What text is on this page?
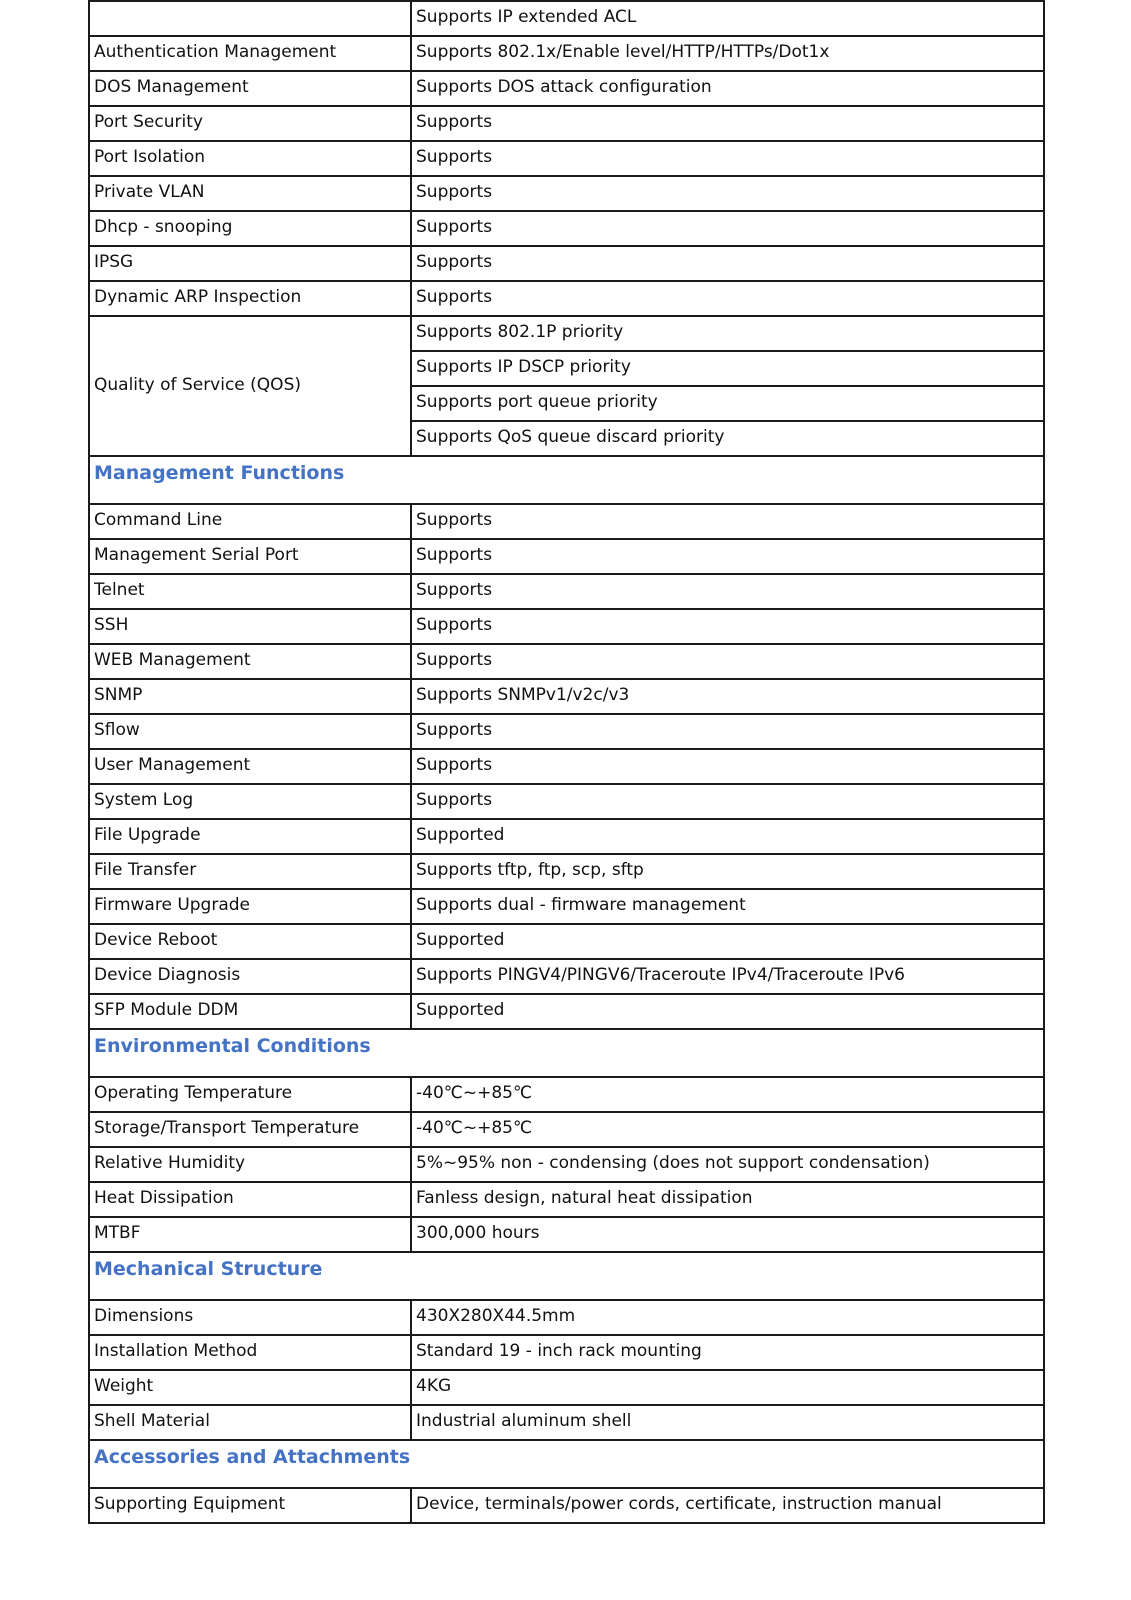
	Supports IP extended ACL
Authentication Management	Supports 802.1x/Enable level/HTTP/HTTPs/Dot1x
DOS Management	Supports DOS attack configuration
Port Security	Supports
Port Isolation	Supports
Private VLAN	Supports
Dhcp - snooping	Supports
IPSG	Supports
Dynamic ARP Inspection	Supports
Quality of Service (QOS)	Supports 802.1P priority
	Supports IP DSCP priority
	Supports port queue priority
	Supports QoS queue discard priority
Management Functions	
Command Line	Supports
Management Serial Port	Supports
Telnet	Supports
SSH	Supports
WEB Management	Supports
SNMP	Supports SNMPv1/v2c/v3
Sflow	Supports
User Management	Supports
System Log	Supports
File Upgrade	Supported
File Transfer	Supports tftp, ftp, scp, sftp
Firmware Upgrade	Supports dual - firmware management
Device Reboot	Supported
Device Diagnosis	Supports PINGV4/PINGV6/Traceroute IPv4/Traceroute IPv6
SFP Module DDM	Supported
Environmental Conditions	
Operating Temperature	-40℃~+85℃
Storage/Transport Temperature	-40℃~+85℃
Relative Humidity	5%~95% non - condensing (does not support condensation)
Heat Dissipation	Fanless design, natural heat dissipation
MTBF	300,000 hours
Mechanical Structure	
Dimensions	430X280X44.5mm
Installation Method	Standard 19 - inch rack mounting
Weight	4KG
Shell Material	Industrial aluminum shell
Accessories and Attachments	
Supporting Equipment	Device, terminals/power cords, certificate, instruction manual
